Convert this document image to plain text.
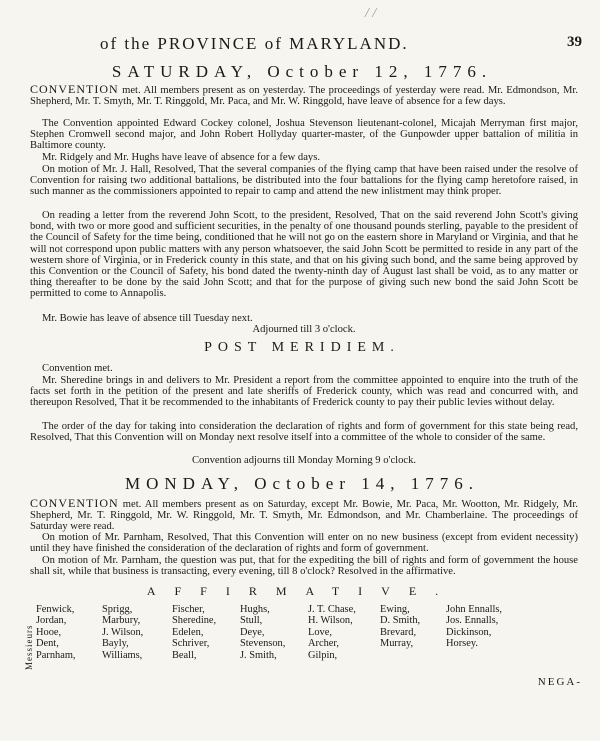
/ /
of the PROVINCE of MARYLAND.	39
SATURDAY, October 12, 1776.

CONVENTION met. All members present as on yesterday. The proceedings of yesterday were read. Mr. Edmondson, Mr. Shepherd, Mr. T. Smyth, Mr. T. Ringgold, Mr. Paca, and Mr. W. Ringgold, have leave of absence for a few days.

The Convention appointed Edward Cockey colonel, Joshua Stevenson lieutenant-colonel, Micajah Merryman first major, Stephen Cromwell second major, and John Robert Hollyday quarter-master, of the Gunpowder upper battalion of militia in Baltimore county.

Mr. Ridgely and Mr. Hughs have leave of absence for a few days.

On motion of Mr. J. Hall, Resolved, That the several companies of the flying camp that have been raised under the resolve of Convention for raising two additional battalions, be distributed into the four battalions for the flying camp heretofore raised, in such manner as the commissioners appointed to repair to camp and attend the new inlistment may think proper.

On reading a letter from the reverend John Scott, to the president, Resolved, That on the said reverend John Scott's giving bond, with two or more good and sufficient securities, in the penalty of one thousand pounds sterling, payable to the president of the Council of Safety for the time being, conditioned that he will not go on the eastern shore in Maryland or Virginia, and that he will not correspond upon public matters with any person whatsoever, the said John Scott be permitted to reside in any part of the western shore of Virginia, or in Frederick county in this state, and that on his giving such bond, and the same being approved by this Convention or the Council of Safety, his bond dated the twenty-ninth day of August last shall be void, as to any matter or thing thereafter to be done by the said John Scott; and that for the purpose of giving such new bond the said John Scott be permitted to come to Annapolis.

Mr. Bowie has leave of absence till Tuesday next.

Adjourned till 3 o'clock.

POST MERIDIEM.

Convention met.

Mr. Sheredine brings in and delivers to Mr. President a report from the committee appointed to enquire into the truth of the facts set forth in the petition of the present and late sheriffs of Frederick county, which was read and concurred with, and thereupon Resolved, That it be recommended to the inhabitants of Frederick county to pay their public levies without delay.

The order of the day for taking into consideration the declaration of rights and form of government for this state being read, Resolved, That this Convention will on Monday next resolve itself into a committee of the whole to consider of the same.

Convention adjourns till Monday Morning 9 o'clock.

MONDAY, October 14, 1776.

CONVENTION met. All members present as on Saturday, except Mr. Bowie, Mr. Paca, Mr. Wootton, Mr. Ridgely, Mr. Shepherd, Mr. T. Ringgold, Mr. W. Ringgold, Mr. T. Smyth, Mr. Edmondson, and Mr. Chamberlaine. The proceedings of Saturday were read.

On motion of Mr. Parnham, Resolved, That this Convention will enter on no new business (except from evident necessity) until they have finished the consideration of the declaration of rights and form of government.

On motion of Mr. Parnham, the question was put, that for the expediting the bill of rights and form of government the house shall sit, while that business is transacting, every evening, till 8 o'clock? Resolved in the affirmative.

AFFIRMATIVE.
Messieurs
Fenwick,
Jordan,
Hooe,
Dent,
Parnham,
Sprigg,
Marbury,
J. Wilson,
Bayly,
Williams,
Fischer,
Sheredine,
Edelen,
Schriver,
Beall,
Hughs,
Stull,
Deye,
Stevenson,
J. Smith,
J. T. Chase,
H. Wilson,
Love,
Archer,
Gilpin,
Ewing,
D. Smith,
Brevard,
Murray,
John Ennalls,
Jos. Ennalls,
Dickinson,
Horsey.
NEGA-
